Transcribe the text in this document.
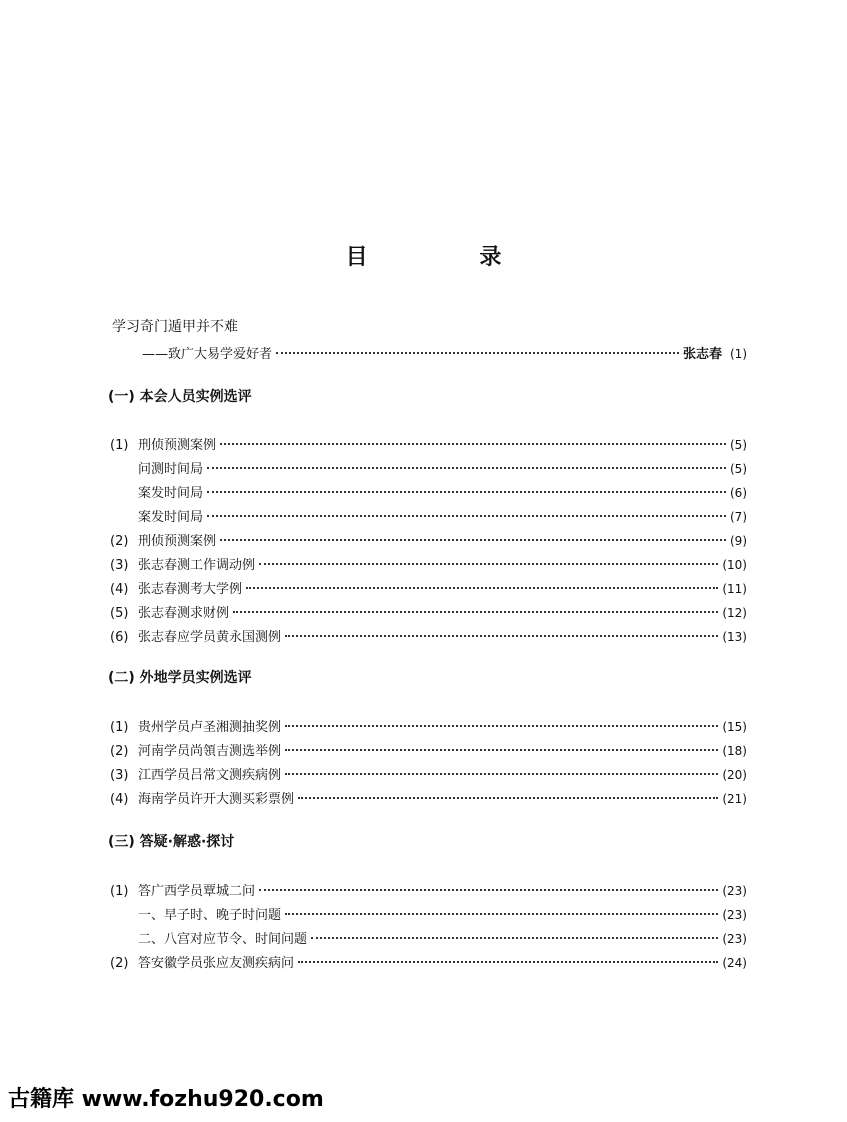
目 录
学习奇门遁甲并不难
——致广大易学爱好者	张志春 (1)
(一) 本会人员实例选评
(1) 刑侦预测案例	(5)
问测时间局	(5)
案发时间局	(6)
案发时间局	(7)
(2) 刑侦预测案例	(9)
(3) 张志春测工作调动例	(10)
(4) 张志春测考大学例	(11)
(5) 张志春测求财例	(12)
(6) 张志春应学员黄永国测例	(13)
(二) 外地学员实例选评
(1) 贵州学员卢圣湘测抽奖例	(15)
(2) 河南学员尚領吉测选举例	(18)
(3) 江西学员吕常文测疾病例	(20)
(4) 海南学员许开大测买彩票例	(21)
(三) 答疑·解惑·探讨
(1) 答广西学员覃城二问	(23)
一、早子时、晚子时问题	(23)
二、八宫对应节令、时间问题	(23)
(2) 答安徽学员张应友测疾病问	(24)
古籍库 www.fozhu920.com
